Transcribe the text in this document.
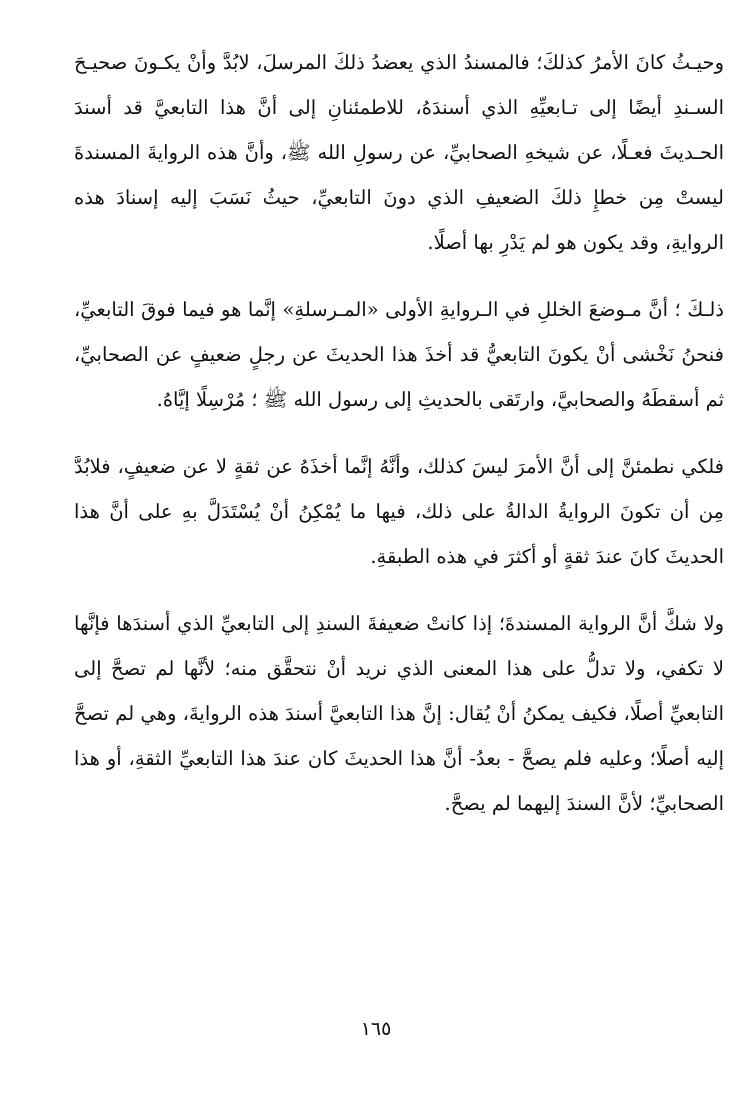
وحيـثُ كانَ الأمرُ كذلكَ؛ فالمسندُ الذي يعضدُ ذلكَ المرسلَ، لابُدَّ وأنْ يكـونَ صحيـحَ السـندِ أيضًا إلى تـابعيِّهِ الذي أسندَهُ، للاطمئنانِ إلى أنَّ هذا التابعيَّ قد أسندَ الحـديثَ فعـلًا، عن شيخهِ الصحابيِّ، عن رسولِ الله ﷺ، وأنَّ هذه الروايةَ المسندةَ ليستْ مِن خطإِ ذلكَ الضعيفِ الذي دونَ التابعيِّ، حيثُ نَسَبَ إليه إسنادَ هذه الروايةِ، وقد يكون هو لم يَدْرِ بها أصلًا.

ذلـكَ ؛ أنَّ مـوضعَ الخللِ في الـروايةِ الأولى «المـرسلةِ» إنَّما هو فيما فوقَ التابعيِّ، فنحنُ نَخْشى أنْ يكونَ التابعيُّ قد أخذَ هذا الحديثَ عن رجلٍ ضعيفٍ عن الصحابيِّ، ثم أسقطَهُ والصحابيَّ، وارتَقى بالحديثِ إلى رسول الله ﷺ ؛ مُرْسِلًا إيَّاهُ.

فلكي نطمئنَّ إلى أنَّ الأمرَ ليسَ كذلك، وأنَّهُ إنَّما أخذَهُ عن ثقةٍ لا عن ضعيفٍ، فلابُدَّ مِن أن تكونَ الروايةُ الدالةُ على ذلك، فيها ما يُمْكِنُ أنْ يُسْتَدَلَّ بهِ على أنَّ هذا الحديثَ كانَ عندَ ثقةٍ أو أكثرَ في هذه الطبقةِ.

ولا شكَّ أنَّ الرواية المسندةَ؛ إذا كانتْ ضعيفةَ السندِ إلى التابعيِّ الذي أسندَها فإنَّها لا تكفي، ولا تدلُّ على هذا المعنى الذي نريد أنْ نتحقَّق منه؛ لأنَّها لم تصحَّ إلى التابعيِّ أصلًا، فكيف يمكنُ أنْ يُقال: إنَّ هذا التابعيَّ أسندَ هذه الروايةَ، وهي لم تصحَّ إليه أصلًا؛ وعليه فلم يصحَّ - بعدُ- أنَّ هذا الحديثَ كان عندَ هذا التابعيِّ الثقةِ، أو هذا الصحابيِّ؛ لأنَّ السندَ إليهما لم يصحَّ.

١٦٥
